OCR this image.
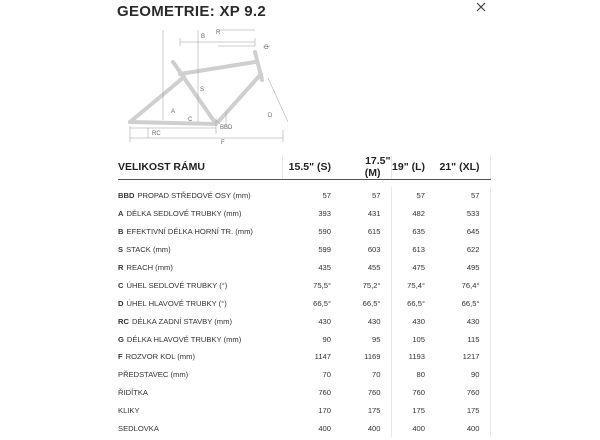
GEOMETRIE: XP 9.2
B
R
G
S
A
C
BBD
D
RC
F
VELIKOST RÁMU	15.5" (S)	17.5" (M)	19" (L)	21" (XL)

BBD PROPAD STŘEDOVÉ OSY (mm)	57	57	57	57
A DÉLKA SEDLOVÉ TRUBKY (mm)	393	431	482	533
B EFEKTIVNÍ DÉLKA HORNÍ TR. (mm)	590	615	635	645
S STACK (mm)	599	603	613	622
R REACH (mm)	435	455	475	495
C ÚHEL SEDLOVÉ TRUBKY (°)	75,5°	75,2°	75,4°	76,4°
D ÚHEL HLAVOVÉ TRUBKY (°)	66,5°	66,5°	66,5°	66,5°
RC DÉLKA ZADNÍ STAVBY (mm)	430	430	430	430
G DÉLKA HLAVOVÉ TRUBKY (mm)	90	95	105	115
F ROZVOR KOL (mm)	1147	1169	1193	1217
PŘEDSTAVEC (mm)	70	70	80	90
ŘIDÍTKA	760	760	760	760
KLIKY	170	175	175	175
SEDLOVKA	400	400	400	400
